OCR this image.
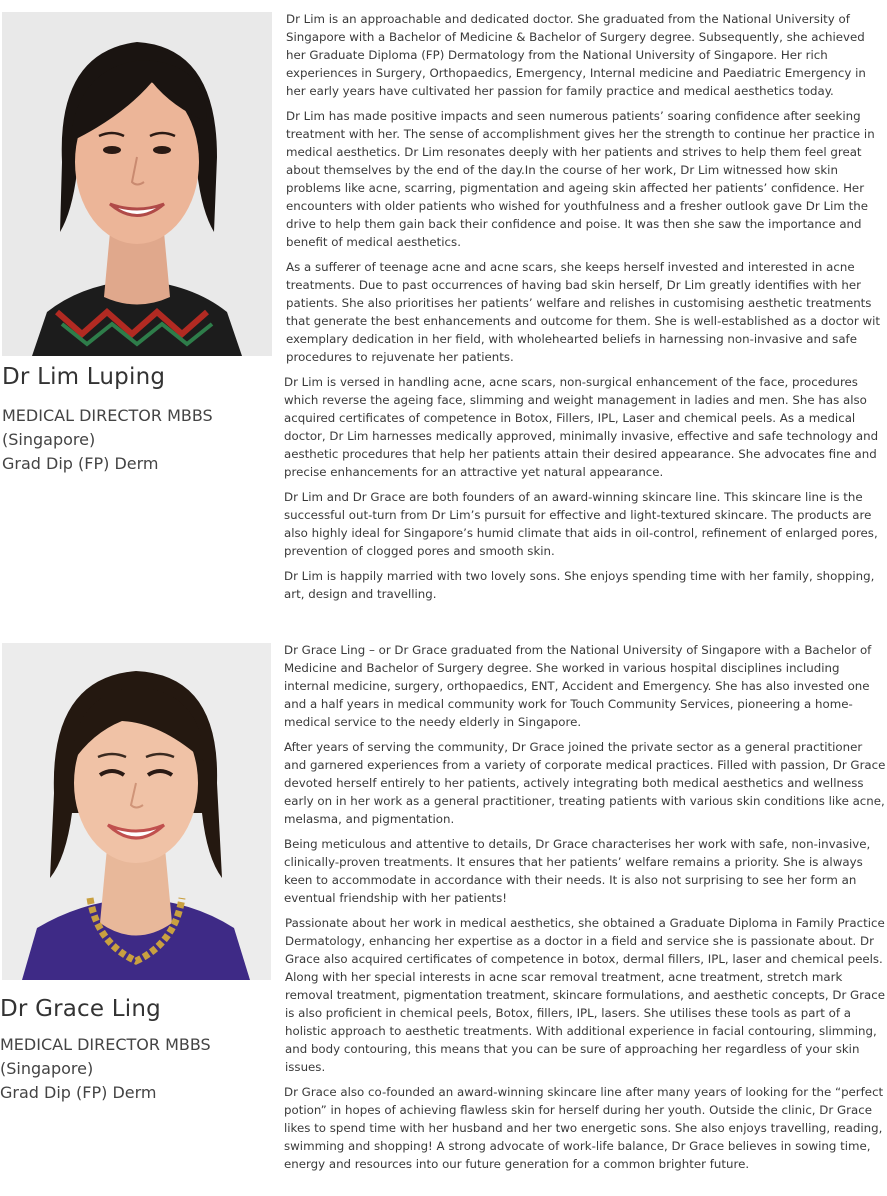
Dr Lim Luping
MEDICAL DIRECTOR MBBS
(Singapore)
Grad Dip (FP) Derm

Dr Lim is an approachable and dedicated doctor. She graduated from the National University of Singapore with a Bachelor of Medicine & Bachelor of Surgery degree. Subsequently, she achieved her Graduate Diploma (FP) Dermatology from the National University of Singapore. Her rich experiences in Surgery, Orthopaedics, Emergency, Internal medicine and Paediatric Emergency in her early years have cultivated her passion for family practice and medical aesthetics today.

Dr Lim has made positive impacts and seen numerous patients’ soaring confidence after seeking treatment with her. The sense of accomplishment gives her the strength to continue her practice in medical aesthetics. Dr Lim resonates deeply with her patients and strives to help them feel great about themselves by the end of the day.In the course of her work, Dr Lim witnessed how skin problems like acne, scarring, pigmentation and ageing skin affected her patients’ confidence. Her encounters with older patients who wished for youthfulness and a fresher outlook gave Dr Lim the drive to help them gain back their confidence and poise. It was then she saw the importance and benefit of medical aesthetics.

As a sufferer of teenage acne and acne scars, she keeps herself invested and interested in acne treatments. Due to past occurrences of having bad skin herself, Dr Lim greatly identifies with her patients. She also prioritises her patients’ welfare and relishes in customising aesthetic treatments that generate the best enhancements and outcome for them. She is well-established as a doctor wit exemplary dedication in her field, with wholehearted beliefs in harnessing non-invasive and safe procedures to rejuvenate her patients.

Dr Lim is versed in handling acne, acne scars, non-surgical enhancement of the face, procedures which reverse the ageing face, slimming and weight management in ladies and men. She has also acquired certificates of competence in Botox, Fillers, IPL, Laser and chemical peels. As a medical doctor, Dr Lim harnesses medically approved, minimally invasive, effective and safe technology and aesthetic procedures that help her patients attain their desired appearance. She advocates fine and precise enhancements for an attractive yet natural appearance.

Dr Lim and Dr Grace are both founders of an award-winning skincare line. This skincare line is the successful out-turn from Dr Lim’s pursuit for effective and light-textured skincare. The products are also highly ideal for Singapore’s humid climate that aids in oil-control, refinement of enlarged pores, prevention of clogged pores and smooth skin.

Dr Lim is happily married with two lovely sons. She enjoys spending time with her family, shopping, art, design and travelling.

Dr Grace Ling
MEDICAL DIRECTOR MBBS
(Singapore)
Grad Dip (FP) Derm

Dr Grace Ling – or Dr Grace graduated from the National University of Singapore with a Bachelor of Medicine and Bachelor of Surgery degree. She worked in various hospital disciplines including internal medicine, surgery, orthopaedics, ENT, Accident and Emergency. She has also invested one and a half years in medical community work for Touch Community Services, pioneering a home-medical service to the needy elderly in Singapore.

After years of serving the community, Dr Grace joined the private sector as a general practitioner and garnered experiences from a variety of corporate medical practices. Filled with passion, Dr Grace devoted herself entirely to her patients, actively integrating both medical aesthetics and wellness early on in her work as a general practitioner, treating patients with various skin conditions like acne, melasma, and pigmentation.

Being meticulous and attentive to details, Dr Grace characterises her work with safe, non-invasive, clinically-proven treatments. It ensures that her patients’ welfare remains a priority. She is always keen to accommodate in accordance with their needs. It is also not surprising to see her form an eventual friendship with her patients!

Passionate about her work in medical aesthetics, she obtained a Graduate Diploma in Family Practice Dermatology, enhancing her expertise as a doctor in a field and service she is passionate about. Dr Grace also acquired certificates of competence in botox, dermal fillers, IPL, laser and chemical peels. Along with her special interests in acne scar removal treatment, acne treatment, stretch mark removal treatment, pigmentation treatment, skincare formulations, and aesthetic concepts, Dr Grace is also proficient in chemical peels, Botox, fillers, IPL, lasers. She utilises these tools as part of a holistic approach to aesthetic treatments. With additional experience in facial contouring, slimming, and body contouring, this means that you can be sure of approaching her regardless of your skin issues.

Dr Grace also co-founded an award-winning skincare line after many years of looking for the “perfect potion” in hopes of achieving flawless skin for herself during her youth. Outside the clinic, Dr Grace likes to spend time with her husband and her two energetic sons. She also enjoys travelling, reading, swimming and shopping! A strong advocate of work-life balance, Dr Grace believes in sowing time, energy and resources into our future generation for a common brighter future.
